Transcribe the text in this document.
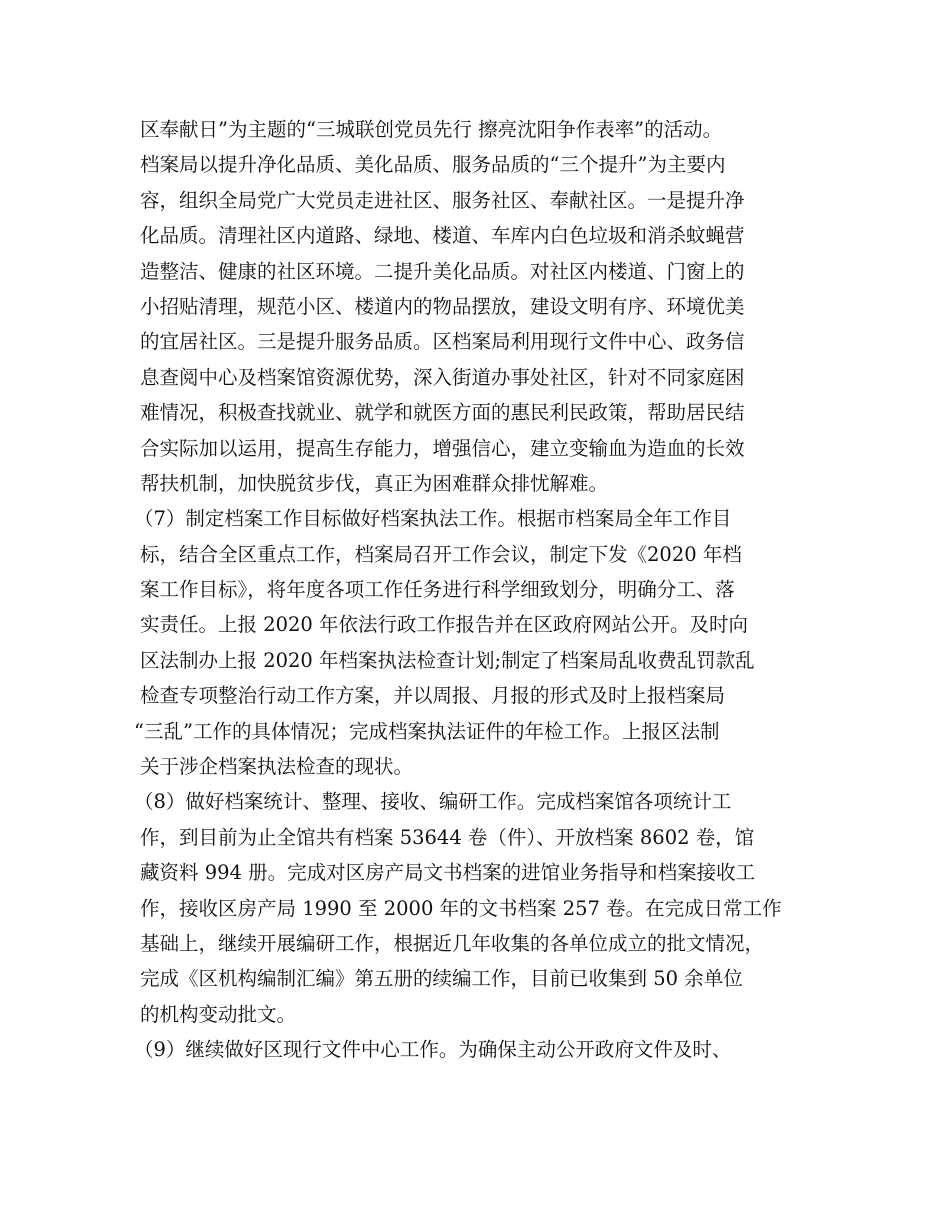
区奉献日”为主题的“三城联创党员先行 擦亮沈阳争作表率”的活动。
档案局以提升净化品质、美化品质、服务品质的“三个提升”为主要内
容，组织全局党广大党员走进社区、服务社区、奉献社区。一是提升净
化品质。清理社区内道路、绿地、楼道、车库内白色垃圾和消杀蚊蝇营
造整洁、健康的社区环境。二提升美化品质。对社区内楼道、门窗上的
小招贴清理，规范小区、楼道内的物品摆放，建设文明有序、环境优美
的宜居社区。三是提升服务品质。区档案局利用现行文件中心、政务信
息查阅中心及档案馆资源优势，深入街道办事处社区，针对不同家庭困
难情况，积极查找就业、就学和就医方面的惠民利民政策，帮助居民结
合实际加以运用，提高生存能力，增强信心，建立变输血为造血的长效
帮扶机制，加快脱贫步伐，真正为困难群众排忧解难。
（7）制定档案工作目标做好档案执法工作。根据市档案局全年工作目
标，结合全区重点工作，档案局召开工作会议，制定下发《2020 年档
案工作目标》，将年度各项工作任务进行科学细致划分，明确分工、落
实责任。上报 2020 年依法行政工作报告并在区政府网站公开。及时向
区法制办上报 2020 年档案执法检查计划;制定了档案局乱收费乱罚款乱
检查专项整治行动工作方案，并以周报、月报的形式及时上报档案局
“三乱”工作的具体情况；完成档案执法证件的年检工作。上报区法制
关于涉企档案执法检查的现状。
（8）做好档案统计、整理、接收、编研工作。完成档案馆各项统计工
作，到目前为止全馆共有档案 53644 卷（件）、开放档案 8602 卷，馆
藏资料 994 册。完成对区房产局文书档案的进馆业务指导和档案接收工
作，接收区房产局 1990 至 2000 年的文书档案 257 卷。在完成日常工作
基础上，继续开展编研工作，根据近几年收集的各单位成立的批文情况，
完成《区机构编制汇编》第五册的续编工作，目前已收集到 50 余单位
的机构变动批文。
（9）继续做好区现行文件中心工作。为确保主动公开政府文件及时、
